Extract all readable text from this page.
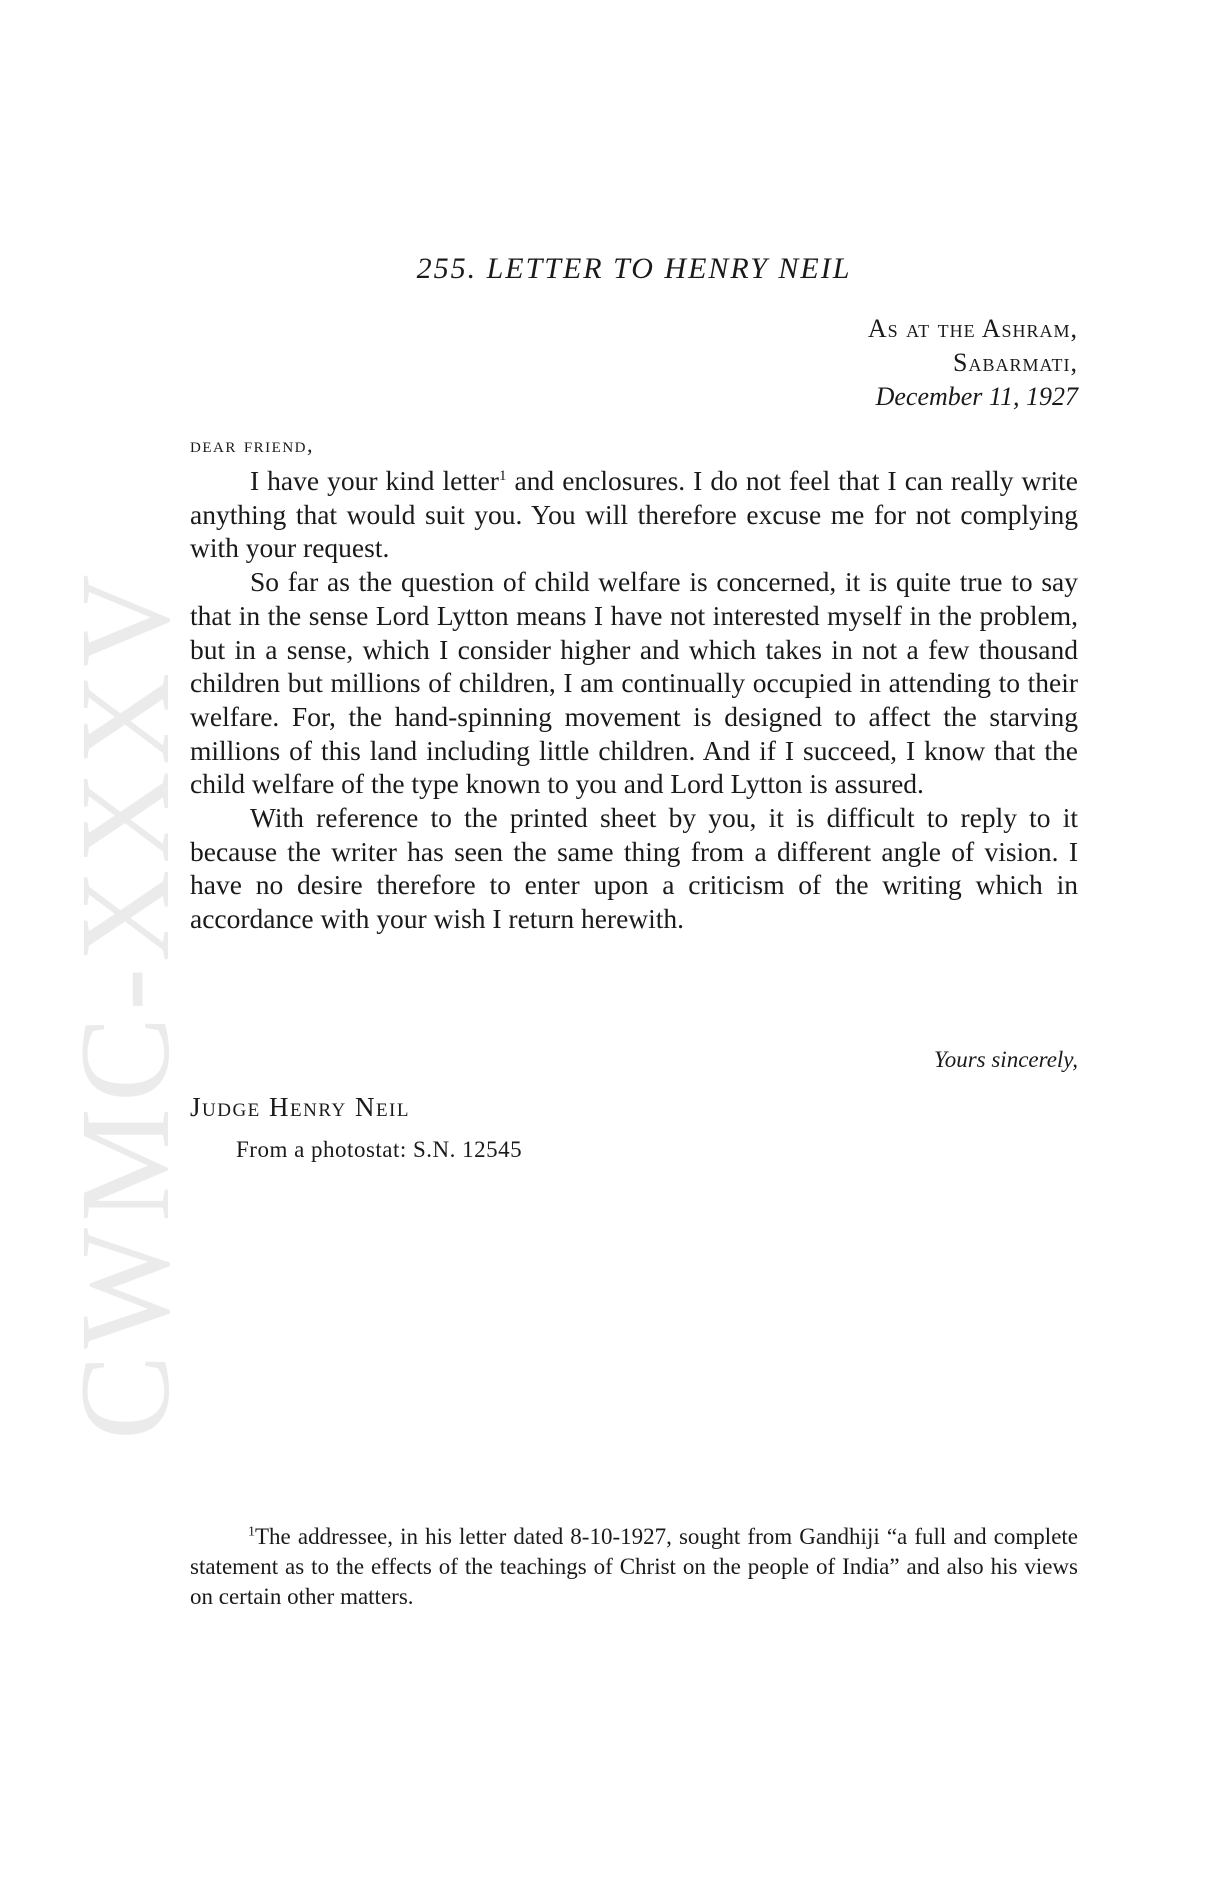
CWMC-XXXV
255. LETTER TO HENRY NEIL
As at the Ashram,
Sabarmati,
December 11, 1927
dear friend,

I have your kind letter$^1$ and enclosures. I do not feel that I can really write anything that would suit you. You will therefore excuse me for not complying with your request.

So far as the question of child welfare is concerned, it is quite true to say that in the sense Lord Lytton means I have not interested myself in the problem, but in a sense, which I consider higher and which takes in not a few thousand children but millions of children, I am continually occupied in attending to their welfare. For, the hand-spinning movement is designed to affect the starving millions of this land including little children. And if I succeed, I know that the child welfare of the type known to you and Lord Lytton is assured.

With reference to the printed sheet by you, it is difficult to reply to it because the writer has seen the same thing from a different angle of vision. I have no desire therefore to enter upon a criticism of the writing which in accordance with your wish I return herewith.

Yours sincerely,
Judge Henry Neil
From a photostat: S.N. 12545

$^1$The addressee, in his letter dated 8-10-1927, sought from Gandhiji “a full and complete statement as to the effects of the teachings of Christ on the people of India” and also his views on certain other matters.
